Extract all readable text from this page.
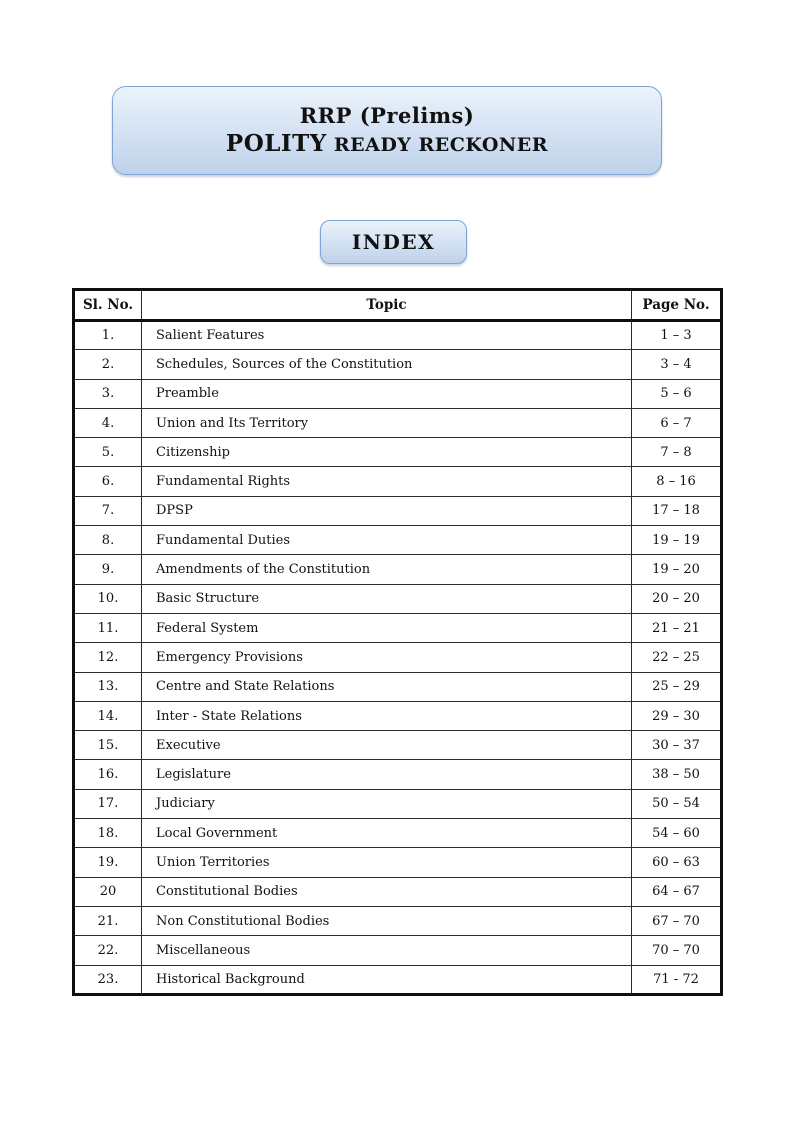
RRP (Prelims)
POLITY READY RECKONER
INDEX
Sl. No.	Topic	Page No.
1.	Salient Features	1 – 3
2.	Schedules, Sources of the Constitution	3 – 4
3.	Preamble	5 – 6
4.	Union and Its Territory	6 – 7
5.	Citizenship	7 – 8
6.	Fundamental Rights	8 – 16
7.	DPSP	17 – 18
8.	Fundamental Duties	19 – 19
9.	Amendments of the Constitution	19 – 20
10.	Basic Structure	20 – 20
11.	Federal System	21 – 21
12.	Emergency Provisions	22 – 25
13.	Centre and State Relations	25 – 29
14.	Inter - State Relations	29 – 30
15.	Executive	30 – 37
16.	Legislature	38 – 50
17.	Judiciary	50 – 54
18.	Local Government	54 – 60
19.	Union Territories	60 – 63
20	Constitutional Bodies	64 – 67
21.	Non Constitutional Bodies	67 – 70
22.	Miscellaneous	70 – 70
23.	Historical Background	71 - 72
